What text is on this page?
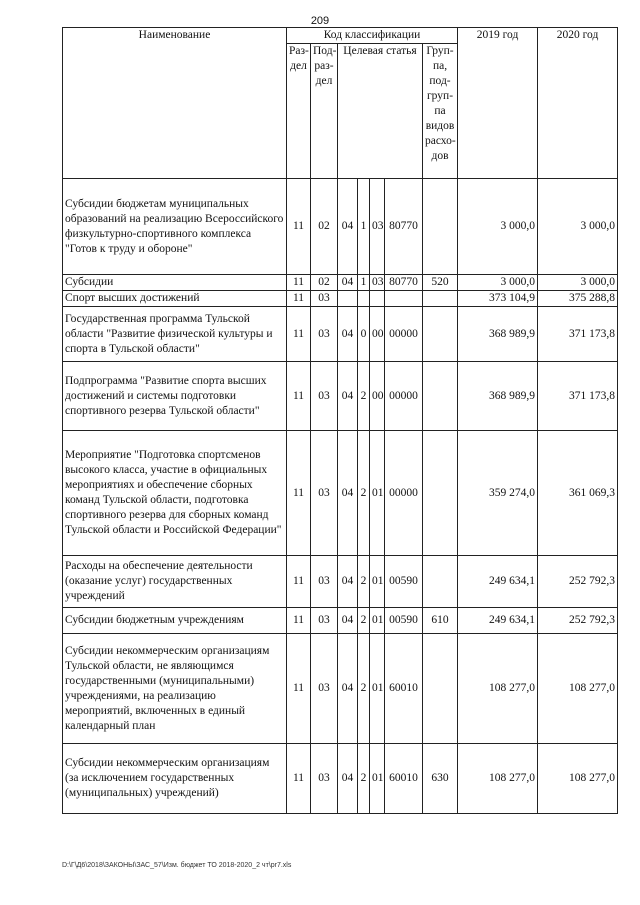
209
Наименование	Код классификации							2019 год	2020 год
	Раз-дел	Под-раз-дел	Целевая статья				Груп-па, под-груп-па видов расхо-дов		
Субсидии бюджетам муниципальных образований на реализацию Всероссийского физкультурно-спортивного комплекса "Готов к труду и обороне"	11	02	04	1	03	80770		3 000,0	3 000,0
Субсидии	11	02	04	1	03	80770	520	3 000,0	3 000,0
Спорт высших достижений	11	03						373 104,9	375 288,8
Государственная программа Тульской области "Развитие физической культуры и спорта в Тульской области"	11	03	04	0	00	00000		368 989,9	371 173,8
Подпрограмма "Развитие спорта высших достижений и системы подготовки спортивного резерва Тульской области"	11	03	04	2	00	00000		368 989,9	371 173,8
Мероприятие "Подготовка спортсменов высокого класса, участие в официальных мероприятиях и обеспечение сборных команд Тульской области, подготовка спортивного резерва для сборных команд Тульской области и Российской Федерации"	11	03	04	2	01	00000		359 274,0	361 069,3
Расходы на обеспечение деятельности (оказание услуг) государственных учреждений	11	03	04	2	01	00590		249 634,1	252 792,3
Субсидии бюджетным учреждениям	11	03	04	2	01	00590	610	249 634,1	252 792,3
Субсидии некоммерческим организациям Тульской области, не являющимся государственными (муниципальными) учреждениями, на реализацию мероприятий, включенных в единый календарный план	11	03	04	2	01	60010		108 277,0	108 277,0
Субсидии некоммерческим организациям (за исключением государственных (муниципальных) учреждений)	11	03	04	2	01	60010	630	108 277,0	108 277,0
D:\Г\Д6\2018\ЗАКОНЫ\ЗАС_57\Изм. бюджет ТО 2018-2020_2 чт\pr7.xls
